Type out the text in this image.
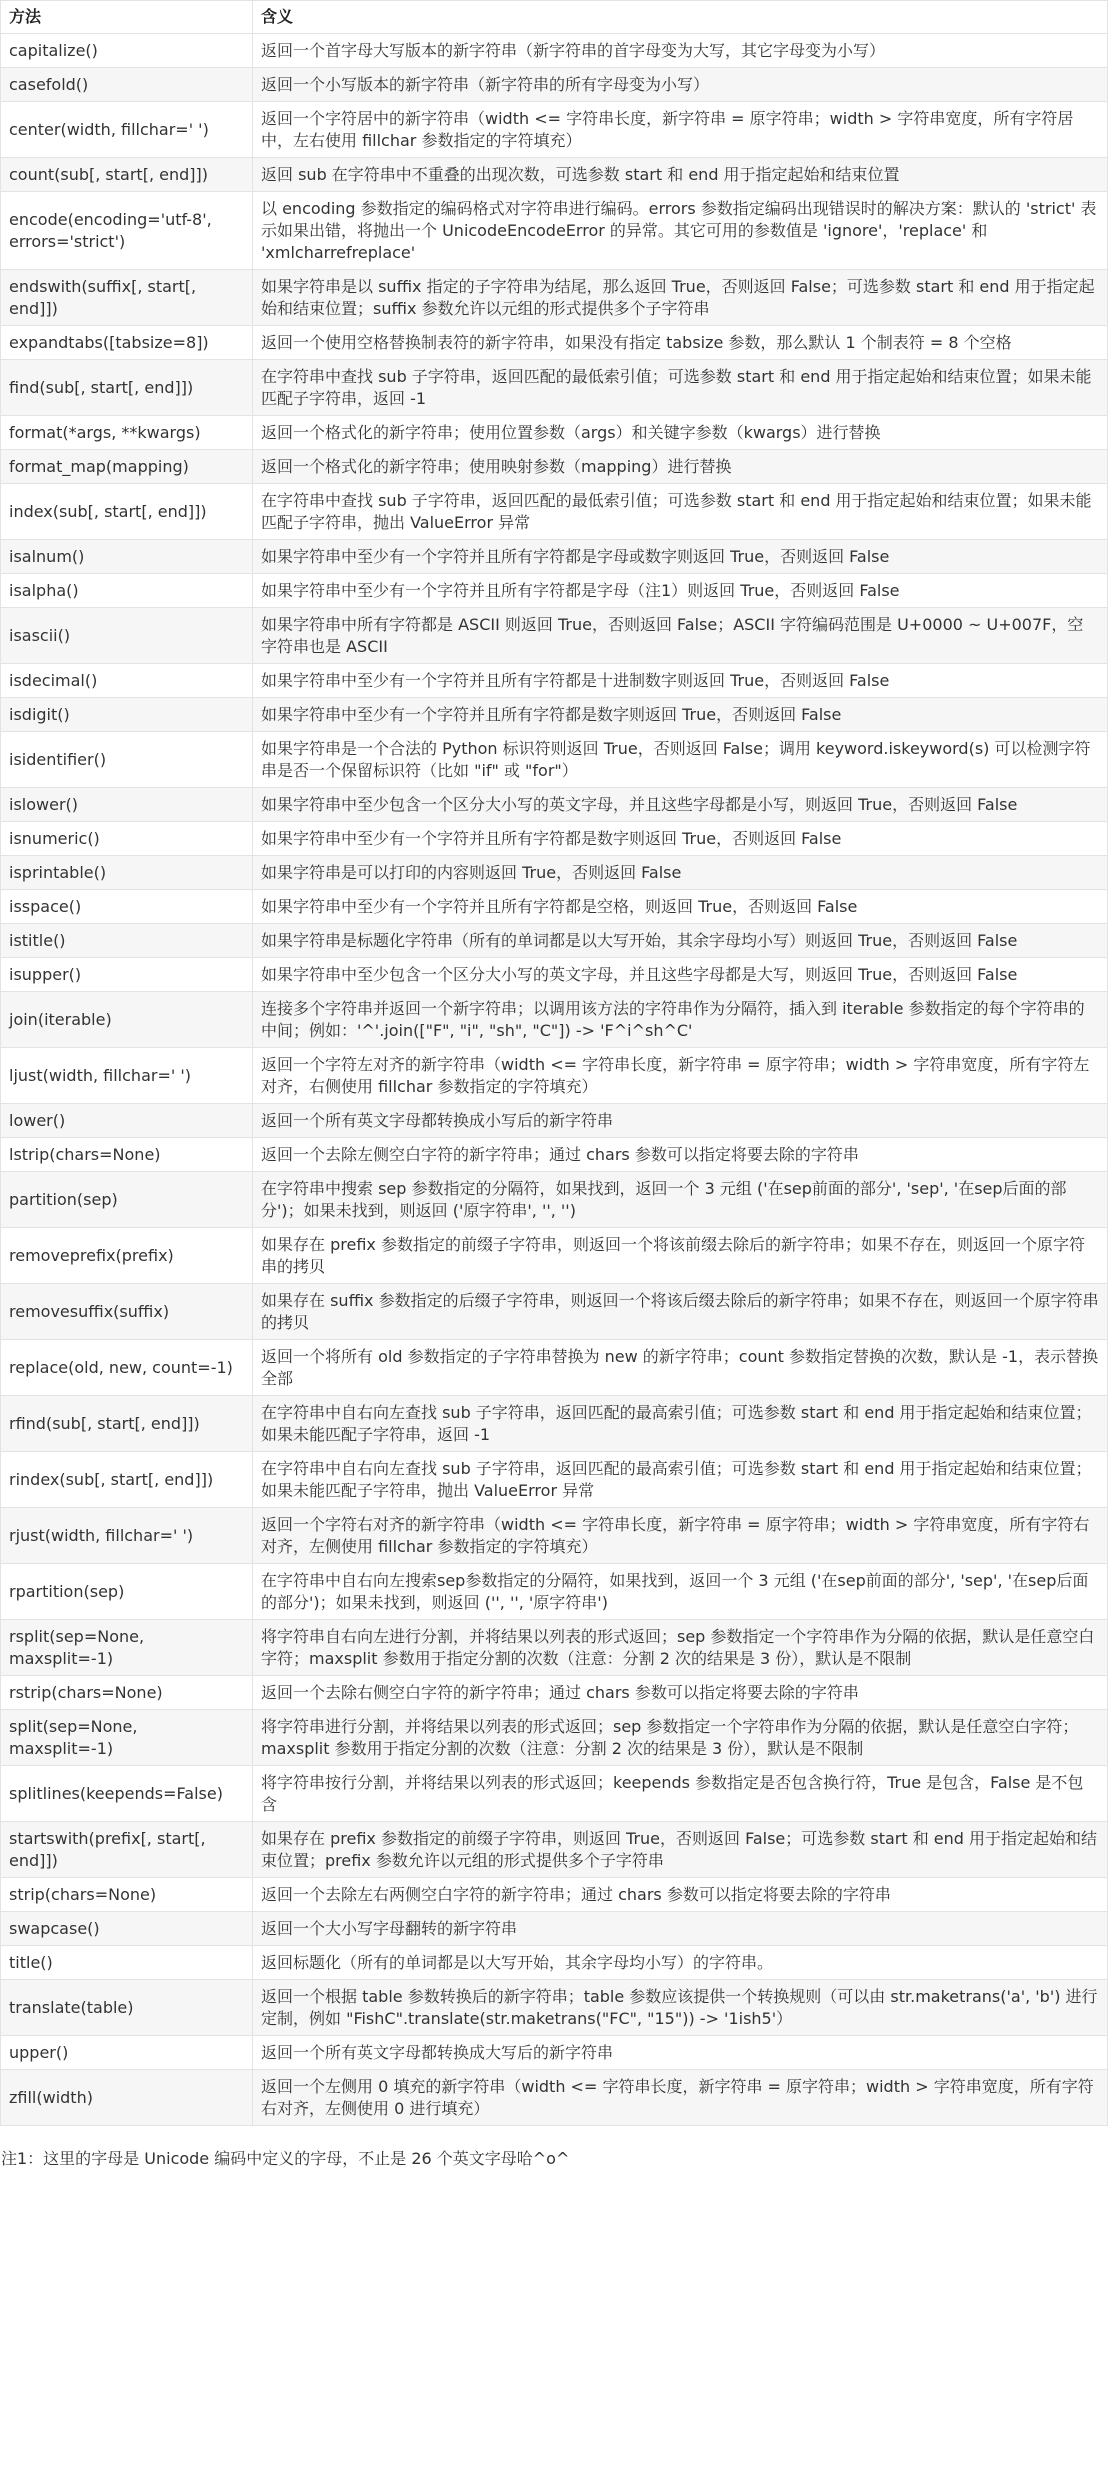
方法	含义
capitalize()	返回一个首字母大写版本的新字符串（新字符串的首字母变为大写，其它字母变为小写）
casefold()	返回一个小写版本的新字符串（新字符串的所有字母变为小写）
center(width, fillchar=' ')	返回一个字符居中的新字符串（width <= 字符串长度，新字符串 = 原字符串；width > 字符串宽度，所有字符居中，左右使用 fillchar 参数指定的字符填充）
count(sub[, start[, end]])	返回 sub 在字符串中不重叠的出现次数，可选参数 start 和 end 用于指定起始和结束位置
encode(encoding='utf-8', errors='strict')	以 encoding 参数指定的编码格式对字符串进行编码。errors 参数指定编码出现错误时的解决方案：默认的 'strict' 表示如果出错，将抛出一个 UnicodeEncodeError 的异常。其它可用的参数值是 'ignore'，'replace' 和 'xmlcharrefreplace'
endswith(suffix[, start[, end]])	如果字符串是以 suffix 指定的子字符串为结尾，那么返回 True，否则返回 False；可选参数 start 和 end 用于指定起始和结束位置；suffix 参数允许以元组的形式提供多个子字符串
expandtabs([tabsize=8])	返回一个使用空格替换制表符的新字符串，如果没有指定 tabsize 参数，那么默认 1 个制表符 = 8 个空格
find(sub[, start[, end]])	在字符串中查找 sub 子字符串，返回匹配的最低索引值；可选参数 start 和 end 用于指定起始和结束位置；如果未能匹配子字符串，返回 -1
format(*args, **kwargs)	返回一个格式化的新字符串；使用位置参数（args）和关键字参数（kwargs）进行替换
format_map(mapping)	返回一个格式化的新字符串；使用映射参数（mapping）进行替换
index(sub[, start[, end]])	在字符串中查找 sub 子字符串，返回匹配的最低索引值；可选参数 start 和 end 用于指定起始和结束位置；如果未能匹配子字符串，抛出 ValueError 异常
isalnum()	如果字符串中至少有一个字符并且所有字符都是字母或数字则返回 True，否则返回 False
isalpha()	如果字符串中至少有一个字符并且所有字符都是字母（注1）则返回 True，否则返回 False
isascii()	如果字符串中所有字符都是 ASCII 则返回 True，否则返回 False；ASCII 字符编码范围是 U+0000 ~ U+007F，空字符串也是 ASCII
isdecimal()	如果字符串中至少有一个字符并且所有字符都是十进制数字则返回 True，否则返回 False
isdigit()	如果字符串中至少有一个字符并且所有字符都是数字则返回 True，否则返回 False
isidentifier()	如果字符串是一个合法的 Python 标识符则返回 True，否则返回 False；调用 keyword.iskeyword(s) 可以检测字符串是否一个保留标识符（比如 "if" 或 "for"）
islower()	如果字符串中至少包含一个区分大小写的英文字母，并且这些字母都是小写，则返回 True，否则返回 False
isnumeric()	如果字符串中至少有一个字符并且所有字符都是数字则返回 True，否则返回 False
isprintable()	如果字符串是可以打印的内容则返回 True，否则返回 False
isspace()	如果字符串中至少有一个字符并且所有字符都是空格，则返回 True，否则返回 False
istitle()	如果字符串是标题化字符串（所有的单词都是以大写开始，其余字母均小写）则返回 True，否则返回 False
isupper()	如果字符串中至少包含一个区分大小写的英文字母，并且这些字母都是大写，则返回 True，否则返回 False
join(iterable)	连接多个字符串并返回一个新字符串；以调用该方法的字符串作为分隔符，插入到 iterable 参数指定的每个字符串的中间；例如：'^'.join(["F", "i", "sh", "C"]) -> 'F^i^sh^C'
ljust(width, fillchar=' ')	返回一个字符左对齐的新字符串（width <= 字符串长度，新字符串 = 原字符串；width > 字符串宽度，所有字符左对齐，右侧使用 fillchar 参数指定的字符填充）
lower()	返回一个所有英文字母都转换成小写后的新字符串
lstrip(chars=None)	返回一个去除左侧空白字符的新字符串；通过 chars 参数可以指定将要去除的字符串
partition(sep)	在字符串中搜索 sep 参数指定的分隔符，如果找到，返回一个 3 元组 ('在sep前面的部分', 'sep', '在sep后面的部分')；如果未找到，则返回 ('原字符串', '', '')
removeprefix(prefix)	如果存在 prefix 参数指定的前缀子字符串，则返回一个将该前缀去除后的新字符串；如果不存在，则返回一个原字符串的拷贝
removesuffix(suffix)	如果存在 suffix 参数指定的后缀子字符串，则返回一个将该后缀去除后的新字符串；如果不存在，则返回一个原字符串的拷贝
replace(old, new, count=-1)	返回一个将所有 old 参数指定的子字符串替换为 new 的新字符串；count 参数指定替换的次数，默认是 -1，表示替换全部
rfind(sub[, start[, end]])	在字符串中自右向左查找 sub 子字符串，返回匹配的最高索引值；可选参数 start 和 end 用于指定起始和结束位置；如果未能匹配子字符串，返回 -1
rindex(sub[, start[, end]])	在字符串中自右向左查找 sub 子字符串，返回匹配的最高索引值；可选参数 start 和 end 用于指定起始和结束位置；如果未能匹配子字符串，抛出 ValueError 异常
rjust(width, fillchar=' ')	返回一个字符右对齐的新字符串（width <= 字符串长度，新字符串 = 原字符串；width > 字符串宽度，所有字符右对齐，左侧使用 fillchar 参数指定的字符填充）
rpartition(sep)	在字符串中自右向左搜索sep参数指定的分隔符，如果找到，返回一个 3 元组 ('在sep前面的部分', 'sep', '在sep后面的部分')；如果未找到，则返回 ('', '', '原字符串')
rsplit(sep=None, maxsplit=-1)	将字符串自右向左进行分割，并将结果以列表的形式返回；sep 参数指定一个字符串作为分隔的依据，默认是任意空白字符；maxsplit 参数用于指定分割的次数（注意：分割 2 次的结果是 3 份），默认是不限制
rstrip(chars=None)	返回一个去除右侧空白字符的新字符串；通过 chars 参数可以指定将要去除的字符串
split(sep=None, maxsplit=-1)	将字符串进行分割，并将结果以列表的形式返回；sep 参数指定一个字符串作为分隔的依据，默认是任意空白字符；maxsplit 参数用于指定分割的次数（注意：分割 2 次的结果是 3 份），默认是不限制
splitlines(keepends=False)	将字符串按行分割，并将结果以列表的形式返回；keepends 参数指定是否包含换行符，True 是包含，False 是不包含
startswith(prefix[, start[, end]])	如果存在 prefix 参数指定的前缀子字符串，则返回 True，否则返回 False；可选参数 start 和 end 用于指定起始和结束位置；prefix 参数允许以元组的形式提供多个子字符串
strip(chars=None)	返回一个去除左右两侧空白字符的新字符串；通过 chars 参数可以指定将要去除的字符串
swapcase()	返回一个大小写字母翻转的新字符串
title()	返回标题化（所有的单词都是以大写开始，其余字母均小写）的字符串。
translate(table)	返回一个根据 table 参数转换后的新字符串；table 参数应该提供一个转换规则（可以由 str.maketrans('a', 'b') 进行定制，例如 "FishC".translate(str.maketrans("FC", "15")) -> '1ish5'）
upper()	返回一个所有英文字母都转换成大写后的新字符串
zfill(width)	返回一个左侧用 0 填充的新字符串（width <= 字符串长度，新字符串 = 原字符串；width > 字符串宽度，所有字符右对齐，左侧使用 0 进行填充）
注1：这里的字母是 Unicode 编码中定义的字母，不止是 26 个英文字母哈^o^
